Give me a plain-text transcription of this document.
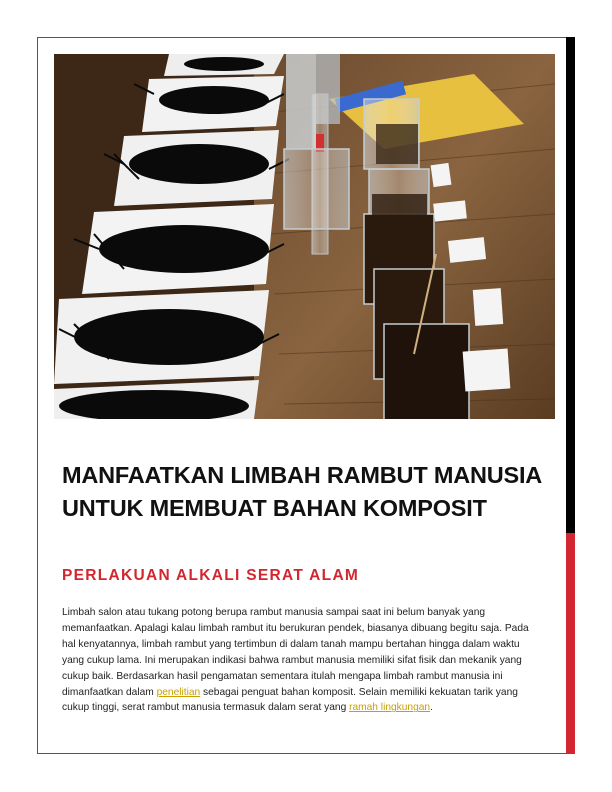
MANFAATKAN LIMBAH RAMBUT MANUSIA UNTUK MEMBUAT BAHAN KOMPOSIT
PERLAKUAN ALKALI SERAT ALAM

Limbah salon atau tukang potong berupa rambut manusia sampai saat ini belum banyak yang memanfaatkan. Apalagi kalau limbah rambut itu berukuran pendek, biasanya dibuang begitu saja. Pada hal kenyatannya, limbah rambut yang tertimbun di dalam tanah mampu bertahan hingga dalam waktu yang cukup lama. Ini merupakan indikasi bahwa rambut manusia memiliki sifat fisik dan mekanik yang cukup baik. Berdasarkan hasil pengamatan sementara itulah mengapa limbah rambut manusia ini dimanfaatkan dalam penelitian sebagai penguat bahan komposit. Selain memiliki kekuatan tarik yang cukup tinggi, serat rambut manusia termasuk dalam serat yang ramah lingkungan.
